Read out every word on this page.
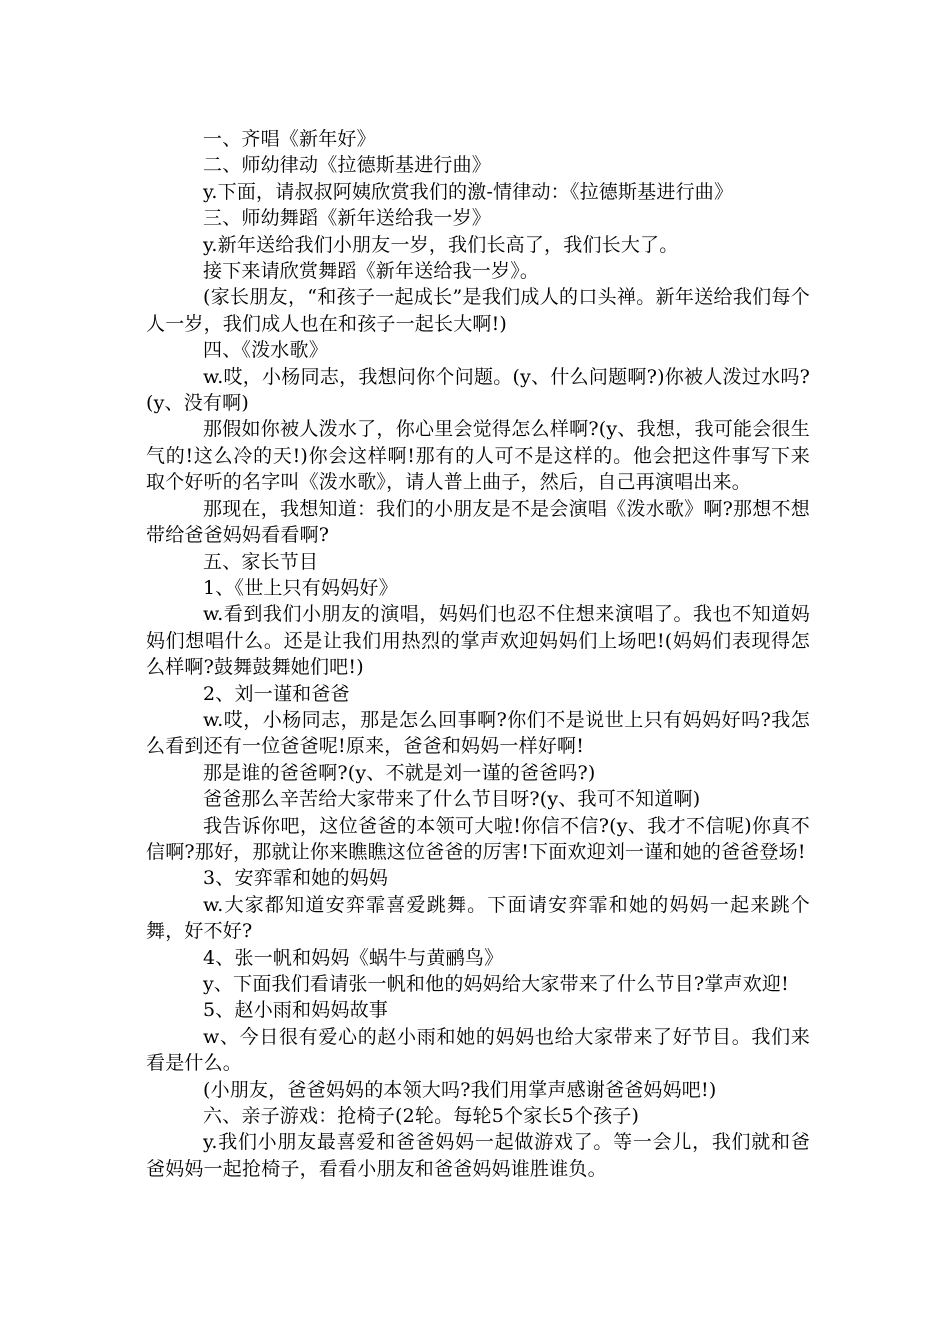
一、齐唱《新年好》

二、师幼律动《拉德斯基进行曲》

y.下面，请叔叔阿姨欣赏我们的激-情律动：《拉德斯基进行曲》

三、师幼舞蹈《新年送给我一岁》

y.新年送给我们小朋友一岁，我们长高了，我们长大了。

接下来请欣赏舞蹈《新年送给我一岁》。

(家长朋友，“和孩子一起成长”是我们成人的口头禅。新年送给我们每个人一岁，我们成人也在和孩子一起长大啊!)

四、《泼水歌》

w.哎，小杨同志，我想问你个问题。(y、什么问题啊?)你被人泼过水吗?(y、没有啊)

那假如你被人泼水了，你心里会觉得怎么样啊?(y、我想，我可能会很生气的!这么冷的天!)你会这样啊!那有的人可不是这样的。他会把这件事写下来取个好听的名字叫《泼水歌》，请人普上曲子，然后，自己再演唱出来。

那现在，我想知道：我们的小朋友是不是会演唱《泼水歌》啊?那想不想带给爸爸妈妈看看啊?

五、家长节目

1、《世上只有妈妈好》

w.看到我们小朋友的演唱，妈妈们也忍不住想来演唱了。我也不知道妈妈们想唱什么。还是让我们用热烈的掌声欢迎妈妈们上场吧!(妈妈们表现得怎么样啊?鼓舞鼓舞她们吧!)

2、刘一谨和爸爸

w.哎，小杨同志，那是怎么回事啊?你们不是说世上只有妈妈好吗?我怎么看到还有一位爸爸呢!原来，爸爸和妈妈一样好啊!

那是谁的爸爸啊?(y、不就是刘一谨的爸爸吗?)

爸爸那么辛苦给大家带来了什么节目呀?(y、我可不知道啊)

我告诉你吧，这位爸爸的本领可大啦!你信不信?(y、我才不信呢)你真不信啊?那好，那就让你来瞧瞧这位爸爸的厉害!下面欢迎刘一谨和她的爸爸登场!

3、安弈霏和她的妈妈

w.大家都知道安弈霏喜爱跳舞。下面请安弈霏和她的妈妈一起来跳个舞，好不好?

4、张一帆和妈妈《蜗牛与黄鹂鸟》

y、下面我们看请张一帆和他的妈妈给大家带来了什么节目?掌声欢迎!

5、赵小雨和妈妈故事

w、今日很有爱心的赵小雨和她的妈妈也给大家带来了好节目。我们来看是什么。

(小朋友，爸爸妈妈的本领大吗?我们用掌声感谢爸爸妈妈吧!)

六、亲子游戏：抢椅子(2轮。每轮5个家长5个孩子)

y.我们小朋友最喜爱和爸爸妈妈一起做游戏了。等一会儿，我们就和爸爸妈妈一起抢椅子，看看小朋友和爸爸妈妈谁胜谁负。
